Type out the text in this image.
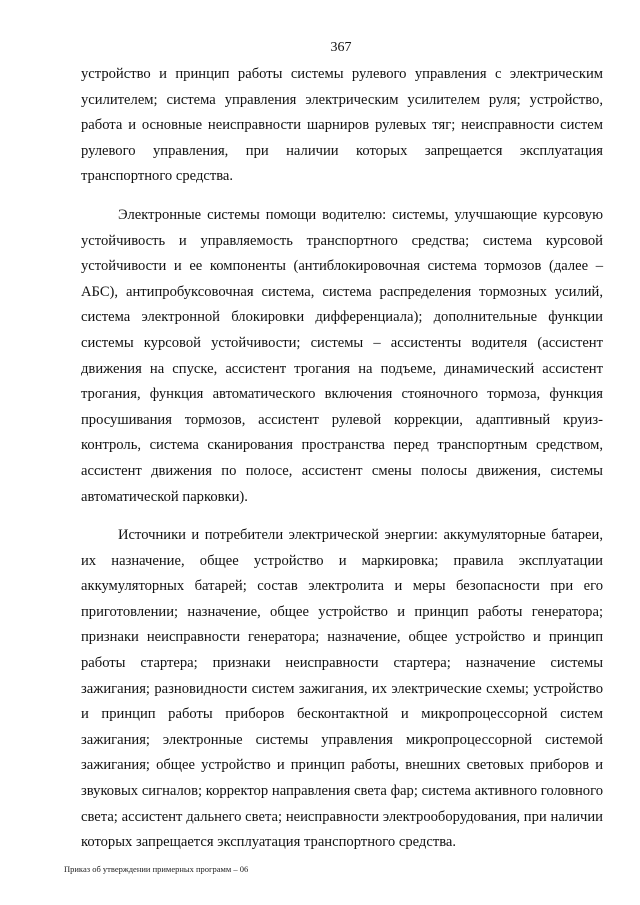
367

устройство и принцип работы системы рулевого управления с электрическим усилителем; система управления электрическим усилителем руля; устройство, работа и основные неисправности шарниров рулевых тяг; неисправности систем рулевого управления, при наличии которых запрещается эксплуатация транспортного средства.

Электронные системы помощи водителю: системы, улучшающие курсовую устойчивость и управляемость транспортного средства; система курсовой устойчивости и ее компоненты (антиблокировочная система тормозов (далее – АБС), антипробуксовочная система, система распределения тормозных усилий, система электронной блокировки дифференциала); дополнительные функции системы курсовой устойчивости; системы – ассистенты водителя (ассистент движения на спуске, ассистент трогания на подъеме, динамический ассистент трогания, функция автоматического включения стояночного тормоза, функция просушивания тормозов, ассистент рулевой коррекции, адаптивный круиз-контроль, система сканирования пространства перед транспортным средством, ассистент движения по полосе, ассистент смены полосы движения, системы автоматической парковки).

Источники и потребители электрической энергии: аккумуляторные батареи, их назначение, общее устройство и маркировка; правила эксплуатации аккумуляторных батарей; состав электролита и меры безопасности при его приготовлении; назначение, общее устройство и принцип работы генератора; признаки неисправности генератора; назначение, общее устройство и принцип работы стартера; признаки неисправности стартера; назначение системы зажигания; разновидности систем зажигания, их электрические схемы; устройство и принцип работы приборов бесконтактной и микропроцессорной систем зажигания; электронные системы управления микропроцессорной системой зажигания; общее устройство и принцип работы, внешних световых приборов и звуковых сигналов; корректор направления света фар; система активного головного света; ассистент дальнего света; неисправности электрооборудования, при наличии которых запрещается эксплуатация транспортного средства.

Приказ об утверждении примерных программ – 06
